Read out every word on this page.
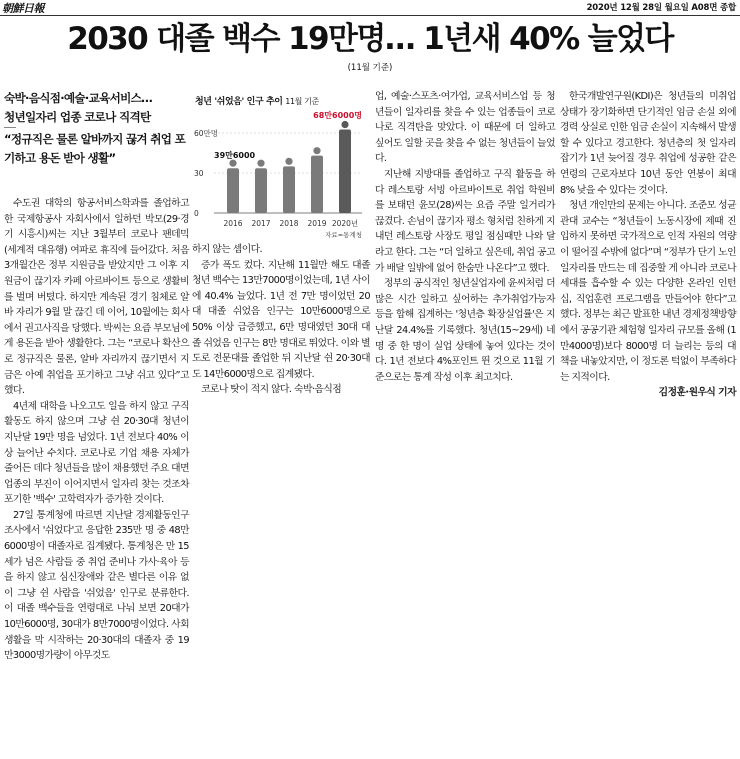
朝鮮日報	2020년 12월 28일 월요일 A08면 종합
2030 대졸 백수 19만명… 1년새 40% 늘었다
(11월 기준)
숙박·음식점·예술·교육서비스…
청년일자리 업종 코로나 직격탄
“정규직은 물론 알바까지 끊겨 취업 포기하고 용돈 받아 생활”
청년 '쉬었음' 인구 추이 11월 기준
60만명
30
0
39만6000
68만6000명
2016 2017 2018 2019 2020년
자료=통계청

수도권 대학의 항공서비스학과를 졸업하고 한 국제항공사 자회사에서 일하던 박모(29·경기 시흥시)씨는 지난 3월부터 코로나 팬데믹(세계적 대유행) 여파로 휴직에 들어갔다. 처음 3개월간은 정부 지원금을 받았지만 그 이후 지원금이 끊기자 카페 아르바이트 등으로 생활비를 벌며 버텼다. 하지만 계속된 경기 침체로 알바 자리가 9월 말 끊긴 데 이어, 10월에는 회사에서 권고사직을 당했다. 박씨는 요즘 부모님에게 용돈을 받아 생활한다. 그는 “코로나 확산으로 정규직은 물론, 알바 자리까지 끊기면서 지금은 아예 취업을 포기하고 그냥 쉬고 있다”고 했다.

4년제 대학을 나오고도 일을 하지 않고 구직 활동도 하지 않으며 그냥 쉰 20·30대 청년이 지난달 19만 명을 넘었다. 1년 전보다 40% 이상 늘어난 수치다. 코로나로 기업 채용 자체가 줄어든 데다 청년들을 많이 채용했던 주요 대면 업종의 부진이 이어지면서 일자리 찾는 것조차 포기한 '백수' 고학력자가 증가한 것이다.

27일 통계청에 따르면 지난달 경제활동인구조사에서 '쉬었다'고 응답한 235만 명 중 48만6000명이 대졸자로 집계됐다. 통계청은 만 15세가 넘은 사람들 중 취업 준비나 가사·육아 등을 하지 않고 심신장애와 같은 별다른 이유 없이 그냥 쉰 사람을 '쉬었음' 인구로 분류한다. 이 대졸 백수들을 연령대로 나눠 보면 20대가 10만6000명, 30대가 8만7000명이었다. 사회생활을 막 시작하는 20·30대의 대졸자 중 19만3000명가량이 아무것도

하지 않는 셈이다.

증가 폭도 컸다. 지난해 11월만 해도 대졸 청년 백수는 13만7000명이었는데, 1년 사이에 40.4% 늘었다. 1년 전 7만 명이었던 20대 대졸 쉬었음 인구는 10만6000명으로 50% 이상 급증했고, 6만 명대였던 30대 대졸 쉬었음 인구는 8만 명대로 뛰었다. 이와 별도로 전문대를 졸업한 뒤 지난달 쉰 20·30대도 14만6000명으로 집계됐다.

코로나 탓이 적지 않다. 숙박·음식점

업, 예술·스포츠·여가업, 교육서비스업 등 청년들이 일자리를 찾을 수 있는 업종들이 코로나로 직격탄을 맞았다. 이 때문에 더 일하고 싶어도 일할 곳을 찾을 수 없는 청년들이 늘었다.

지난해 지방대를 졸업하고 구직 활동을 하다 레스토랑 서빙 아르바이트로 취업 학원비를 보태던 윤모(28)씨는 요즘 주말 일거리가 끊겼다. 손님이 끊기자 평소 형처럼 친하게 지내던 레스토랑 사장도 평일 점심때만 나와 달라고 한다. 그는 “더 일하고 싶은데, 취업 공고가 배달 일밖에 없어 한숨만 나온다”고 했다.

정부의 공식적인 청년실업자에 윤씨처럼 더 많은 시간 일하고 싶어하는 추가취업가능자 등을 합해 집계하는 '청년층 확장실업률'은 지난달 24.4%를 기록했다. 청년(15~29세) 네 명 중 한 명이 실업 상태에 놓여 있다는 것이다. 1년 전보다 4%포인트 뛴 것으로 11월 기준으로는 통계 작성 이후 최고치다.

한국개발연구원(KDI)은 청년들의 미취업 상태가 장기화하면 단기적인 임금 손실 외에 경력 상실로 인한 임금 손실이 지속해서 발생할 수 있다고 경고한다. 청년층의 첫 일자리 잡기가 1년 늦어질 경우 취업에 성공한 같은 연령의 근로자보다 10년 동안 연봉이 최대 8% 낮을 수 있다는 것이다.

청년 개인만의 문제는 아니다. 조준모 성균관대 교수는 “청년들이 노동시장에 제때 진입하지 못하면 국가적으로 인적 자원의 역량이 떨어질 수밖에 없다”며 “정부가 단기 노인 일자리를 만드는 데 집중할 게 아니라 코로나 세대를 흡수할 수 있는 다양한 온라인 인턴십, 직업훈련 프로그램을 만들어야 한다”고 했다. 정부는 최근 발표한 내년 경제정책방향에서 공공기관 체험형 일자리 규모를 올해 (1만4000명)보다 8000명 더 늘리는 등의 대책을 내놓았지만, 이 정도론 턱없이 부족하다는 지적이다.

김정훈·원우식 기자
